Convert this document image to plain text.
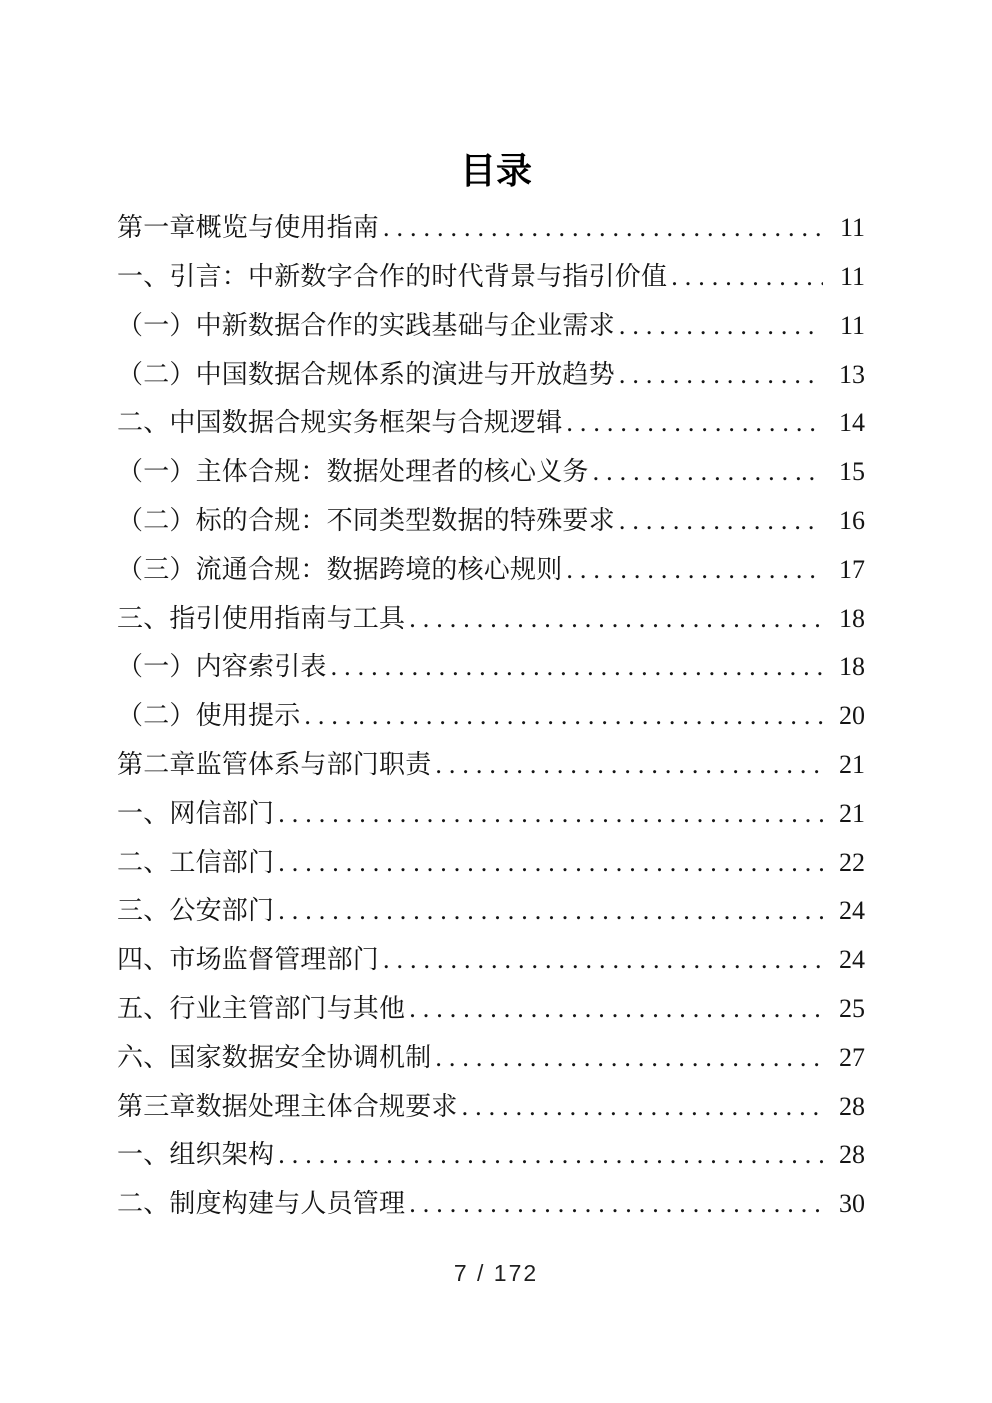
目录
第一章概览与使用指南 .....	11
一、引言：中新数字合作的时代背景与指引价值 .....	11
（一）中新数据合作的实践基础与企业需求 .....	11
（二）中国数据合规体系的演进与开放趋势 .....	13
二、中国数据合规实务框架与合规逻辑 .....	14
（一）主体合规：数据处理者的核心义务 .....	15
（二）标的合规：不同类型数据的特殊要求 .....	16
（三）流通合规：数据跨境的核心规则 .....	17
三、指引使用指南与工具 .....	18
（一）内容索引表 .....	18
（二）使用提示 .....	20
第二章监管体系与部门职责 .....	21
一、网信部门 .....	21
二、工信部门 .....	22
三、公安部门 .....	24
四、市场监督管理部门 .....	24
五、行业主管部门与其他 .....	25
六、国家数据安全协调机制 .....	27
第三章数据处理主体合规要求 .....	28
一、组织架构 .....	28
二、制度构建与人员管理 .....	30
7 / 172
